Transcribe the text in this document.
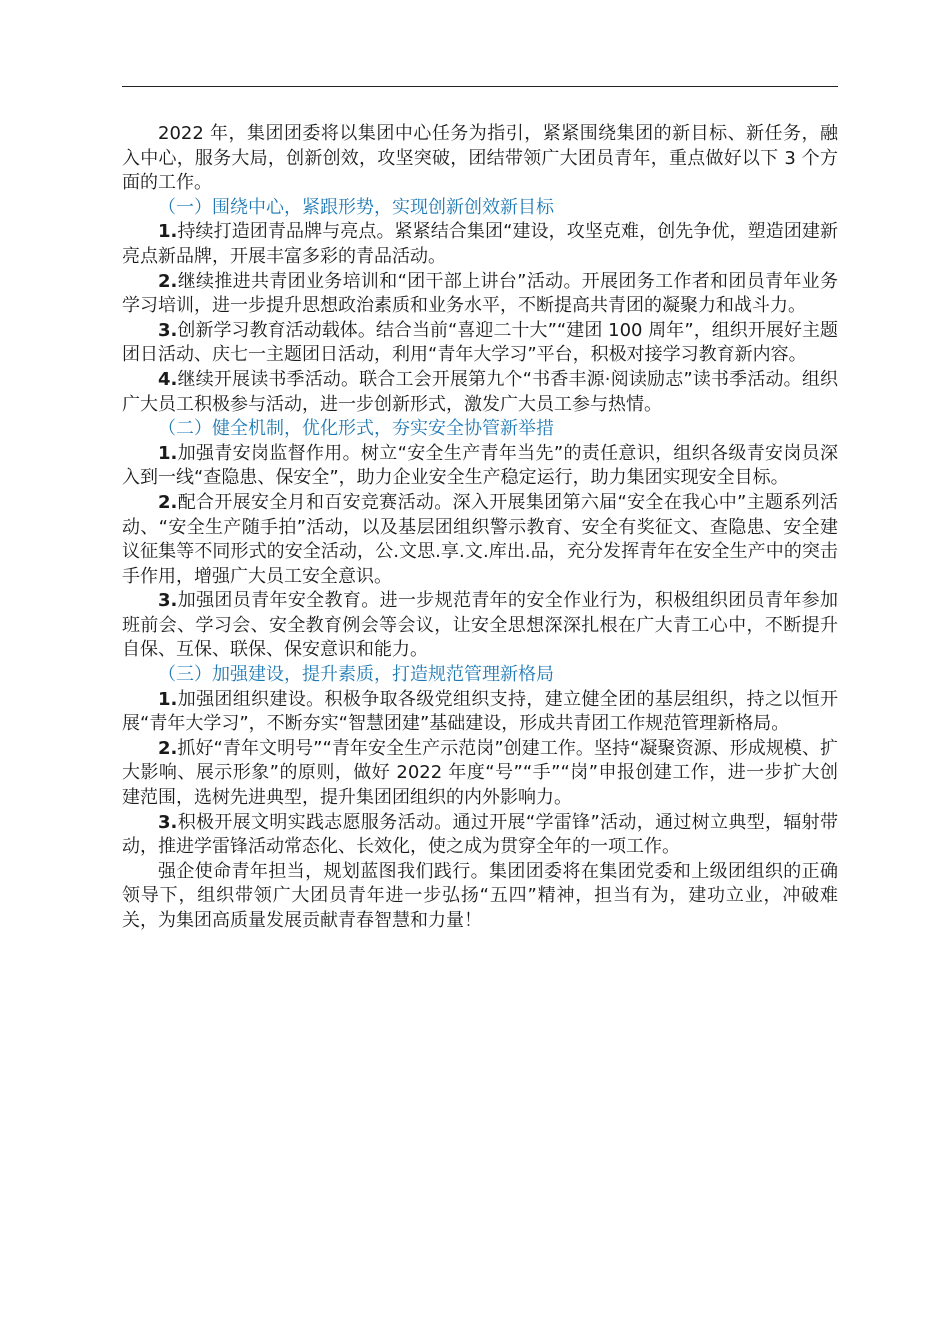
2022 年，集团团委将以集团中心任务为指引，紧紧围绕集团的新目标、新任务，融入中心，服务大局，创新创效，攻坚突破，团结带领广大团员青年，重点做好以下 3 个方面的工作。

（一）围绕中心，紧跟形势，实现创新创效新目标

1.持续打造团青品牌与亮点。紧紧结合集团“建设，攻坚克难，创先争优，塑造团建新亮点新品牌，开展丰富多彩的青品活动。

2.继续推进共青团业务培训和“团干部上讲台”活动。开展团务工作者和团员青年业务学习培训，进一步提升思想政治素质和业务水平，不断提高共青团的凝聚力和战斗力。

3.创新学习教育活动载体。结合当前“喜迎二十大”“建团 100 周年”，组织开展好主题团日活动、庆七一主题团日活动，利用“青年大学习”平台，积极对接学习教育新内容。

4.继续开展读书季活动。联合工会开展第九个“书香丰源·阅读励志”读书季活动。组织广大员工积极参与活动，进一步创新形式，激发广大员工参与热情。

（二）健全机制，优化形式，夯实安全协管新举措

1.加强青安岗监督作用。树立“安全生产青年当先”的责任意识，组织各级青安岗员深入到一线“查隐患、保安全”，助力企业安全生产稳定运行，助力集团实现安全目标。

2.配合开展安全月和百安竞赛活动。深入开展集团第六届“安全在我心中”主题系列活动、“安全生产随手拍”活动，以及基层团组织警示教育、安全有奖征文、查隐患、安全建议征集等不同形式的安全活动，公.文思.享.文.库出.品，充分发挥青年在安全生产中的突击手作用，增强广大员工安全意识。

3.加强团员青年安全教育。进一步规范青年的安全作业行为，积极组织团员青年参加班前会、学习会、安全教育例会等会议，让安全思想深深扎根在广大青工心中，不断提升自保、互保、联保、保安意识和能力。

（三）加强建设，提升素质，打造规范管理新格局

1.加强团组织建设。积极争取各级党组织支持，建立健全团的基层组织，持之以恒开展“青年大学习”，不断夯实“智慧团建”基础建设，形成共青团工作规范管理新格局。

2.抓好“青年文明号”“青年安全生产示范岗”创建工作。坚持“凝聚资源、形成规模、扩大影响、展示形象”的原则，做好 2022 年度“号”“手”“岗”申报创建工作，进一步扩大创建范围，选树先进典型，提升集团团组织的内外影响力。

3.积极开展文明实践志愿服务活动。通过开展“学雷锋”活动，通过树立典型，辐射带动，推进学雷锋活动常态化、长效化，使之成为贯穿全年的一项工作。

强企使命青年担当，规划蓝图我们践行。集团团委将在集团党委和上级团组织的正确领导下，组织带领广大团员青年进一步弘扬“五四”精神，担当有为，建功立业，冲破难关，为集团高质量发展贡献青春智慧和力量！
